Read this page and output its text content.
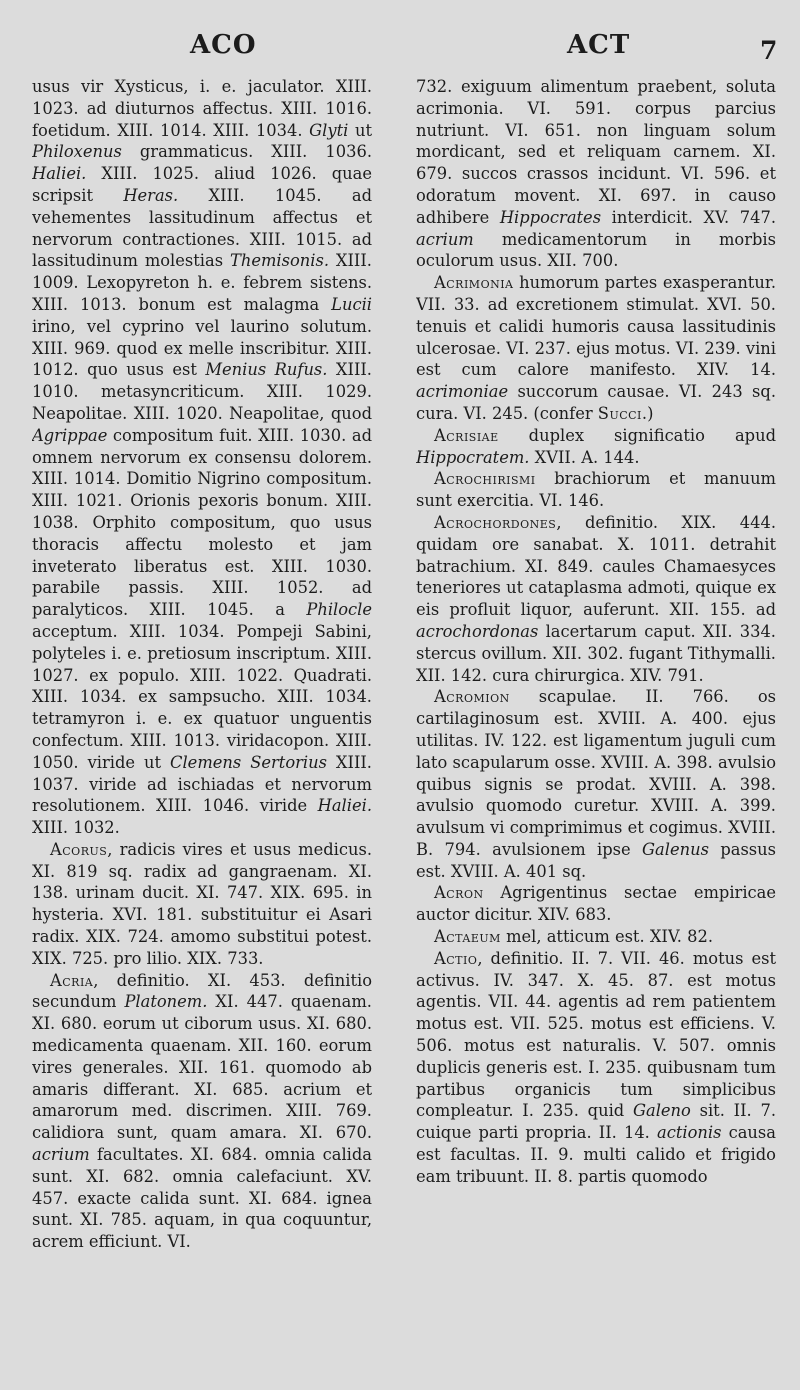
ACO	ACT	7

usus vir Xysticus, i. e. jaculator. XIII. 1023. ad diuturnos affectus. XIII. 1016. foetidum. XIII. 1014. XIII. 1034. Glyti ut Philoxenus grammaticus. XIII. 1036. Haliei. XIII. 1025. aliud 1026. quae scripsit Heras. XIII. 1045. ad vehementes lassitudinum affectus et nervorum contractiones. XIII. 1015. ad lassitudinum molestias Themisonis. XIII. 1009. Lexopyreton h. e. febrem sistens. XIII. 1013. bonum est malagma Lucii irino, vel cyprino vel laurino solutum. XIII. 969. quod ex melle inscribitur. XIII. 1012. quo usus est Menius Rufus. XIII. 1010. metasyncriticum. XIII. 1029. Neapolitae. XIII. 1020. Neapolitae, quod Agrippae compositum fuit. XIII. 1030. ad omnem nervorum ex consensu dolorem. XIII. 1014. Domitio Nigrino compositum. XIII. 1021. Orionis pexoris bonum. XIII. 1038. Orphito compositum, quo usus thoracis affectu molesto et jam inveterato liberatus est. XIII. 1030. parabile passis. XIII. 1052. ad paralyticos. XIII. 1045. a Philocle acceptum. XIII. 1034. Pompeji Sabini, polyteles i. e. pretiosum inscriptum. XIII. 1027. ex populo. XIII. 1022. Quadrati. XIII. 1034. ex sampsucho. XIII. 1034. tetramyron i. e. ex quatuor unguentis confectum. XIII. 1013. viridacopon. XIII. 1050. viride ut Clemens Sertorius XIII. 1037. viride ad ischiadas et nervorum resolutionem. XIII. 1046. viride Haliei. XIII. 1032.

Acorus, radicis vires et usus medicus. XI. 819 sq. radix ad gangraenam. XI. 138. urinam ducit. XI. 747. XIX. 695. in hysteria. XVI. 181. substituitur ei Asari radix. XIX. 724. amomo substitui potest. XIX. 725. pro lilio. XIX. 733.

Acria, definitio. XI. 453. definitio secundum Platonem. XI. 447. quaenam. XI. 680. eorum ut ciborum usus. XI. 680. medicamenta quaenam. XII. 160. eorum vires generales. XII. 161. quomodo ab amaris differant. XI. 685. acrium et amarorum med. discrimen. XIII. 769. calidiora sunt, quam amara. XI. 670. acrium facultates. XI. 684. omnia calida sunt. XI. 682. omnia calefaciunt. XV. 457. exacte calida sunt. XI. 684. ignea sunt. XI. 785. aquam, in qua coquuntur, acrem efficiunt. VI.

732. exiguum alimentum praebent, soluta acrimonia. VI. 591. corpus parcius nutriunt. VI. 651. non linguam solum mordicant, sed et reliquam carnem. XI. 679. succos crassos incidunt. VI. 596. et odoratum movent. XI. 697. in causo adhibere Hippocrates interdicit. XV. 747. acrium medicamentorum in morbis oculorum usus. XII. 700.

Acrimonia humorum partes exasperantur. VII. 33. ad excretionem stimulat. XVI. 50. tenuis et calidi humoris causa lassitudinis ulcerosae. VI. 237. ejus motus. VI. 239. vini est cum calore manifesto. XIV. 14. acrimoniae succorum causae. VI. 243 sq. cura. VI. 245. (confer Succi.)

Acrisiae duplex significatio apud Hippocratem. XVII. A. 144.

Acrochirismi brachiorum et manuum sunt exercitia. VI. 146.

Acrochordones, definitio. XIX. 444. quidam ore sanabat. X. 1011. detrahit batrachium. XI. 849. caules Chamaesyces teneriores ut cataplasma admoti, quique ex eis profluit liquor, auferunt. XII. 155. ad acrochordonas lacertarum caput. XII. 334. stercus ovillum. XII. 302. fugant Tithymalli. XII. 142. cura chirurgica. XIV. 791.

Acromion scapulae. II. 766. os cartilaginosum est. XVIII. A. 400. ejus utilitas. IV. 122. est ligamentum juguli cum lato scapularum osse. XVIII. A. 398. avulsio quibus signis se prodat. XVIII. A. 398. avulsio quomodo curetur. XVIII. A. 399. avulsum vi comprimimus et cogimus. XVIII. B. 794. avulsionem ipse Galenus passus est. XVIII. A. 401 sq.

Acron Agrigentinus sectae empiricae auctor dicitur. XIV. 683.

Actaeum mel, atticum est. XIV. 82.

Actio, definitio. II. 7. VII. 46. motus est activus. IV. 347. X. 45. 87. est motus agentis. VII. 44. agentis ad rem patientem motus est. VII. 525. motus est efficiens. V. 506. motus est naturalis. V. 507. omnis duplicis generis est. I. 235. quibusnam tum partibus organicis tum simplicibus compleatur. I. 235. quid Galeno sit. II. 7. cuique parti propria. II. 14. actionis causa est facultas. II. 9. multi calido et frigido eam tribuunt. II. 8. partis quomodo
